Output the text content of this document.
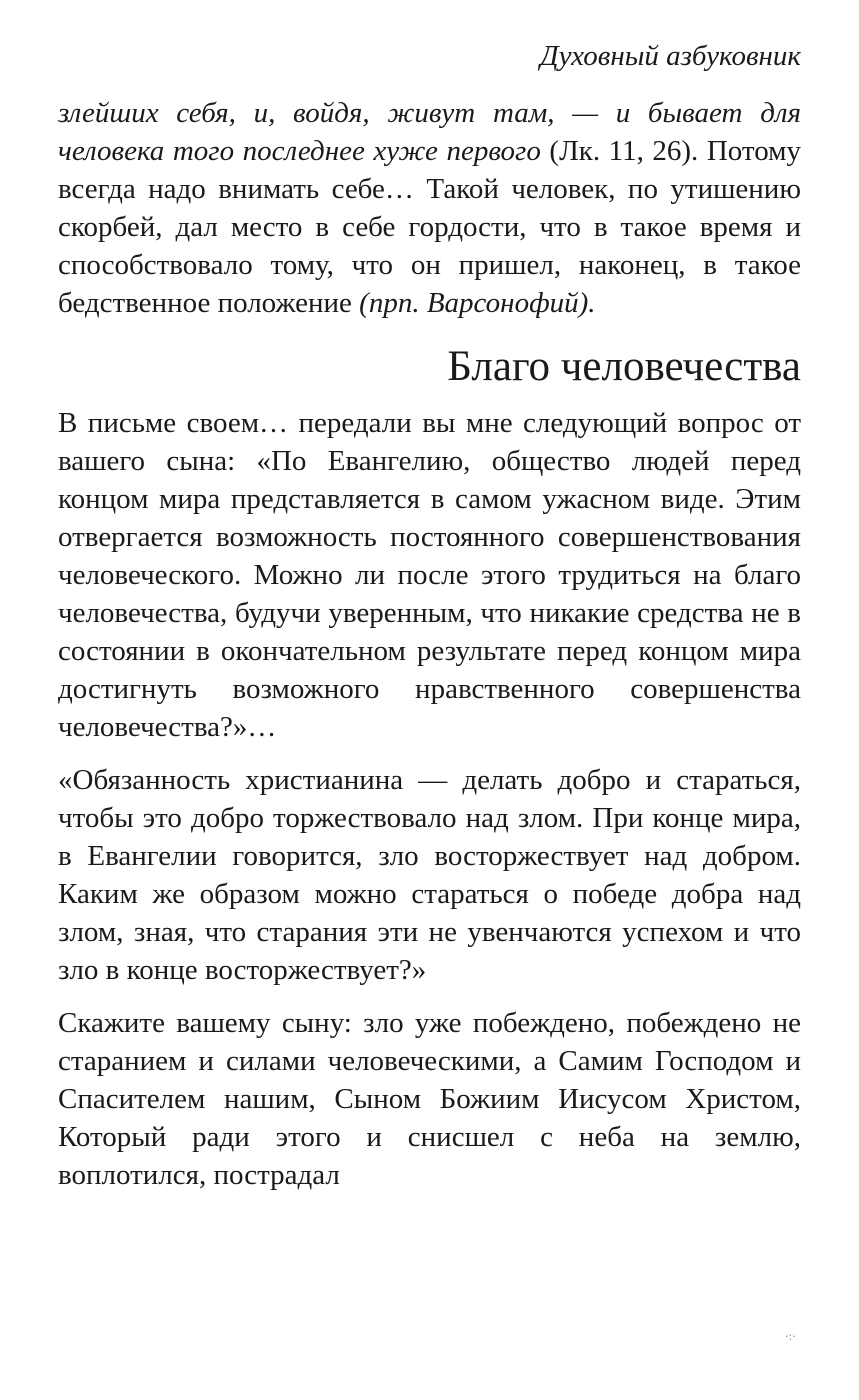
Духовный азбуковник

злейших себя, и, войдя, живут там, — и бывает для человека того последнее хуже первого (Лк. 11, 26). Потому всегда надо внимать себе… Такой человек, по утишению скорбей, дал место в себе гордости, что в такое время и способствовало тому, что он пришел, наконец, в такое бедственное положение (прп. Варсонофий).

Благо человечества

В письме своем… передали вы мне следующий вопрос от вашего сына: «По Евангелию, общество людей перед концом мира представляется в самом ужасном виде. Этим отвергается возможность постоянного совершенствования человеческого. Можно ли после этого трудиться на благо человечества, будучи уверенным, что никакие средства не в состоянии в окончательном результате перед концом мира достигнуть возможного нравственного совершенства человечества?»…

«Обязанность христианина — делать добро и стараться, чтобы это добро торжествовало над злом. При конце мира, в Евангелии говорится, зло восторжествует над добром. Каким же образом можно стараться о победе добра над злом, зная, что старания эти не увенчаются успехом и что зло в конце восторжествует?»

Скажите вашему сыну: зло уже побеждено, побеждено не старанием и силами человеческими, а Самим Господом и Спасителем нашим, Сыном Божиим Иисусом Христом, Который ради этого и снисшел с неба на землю, воплотился, пострадал

·:·
